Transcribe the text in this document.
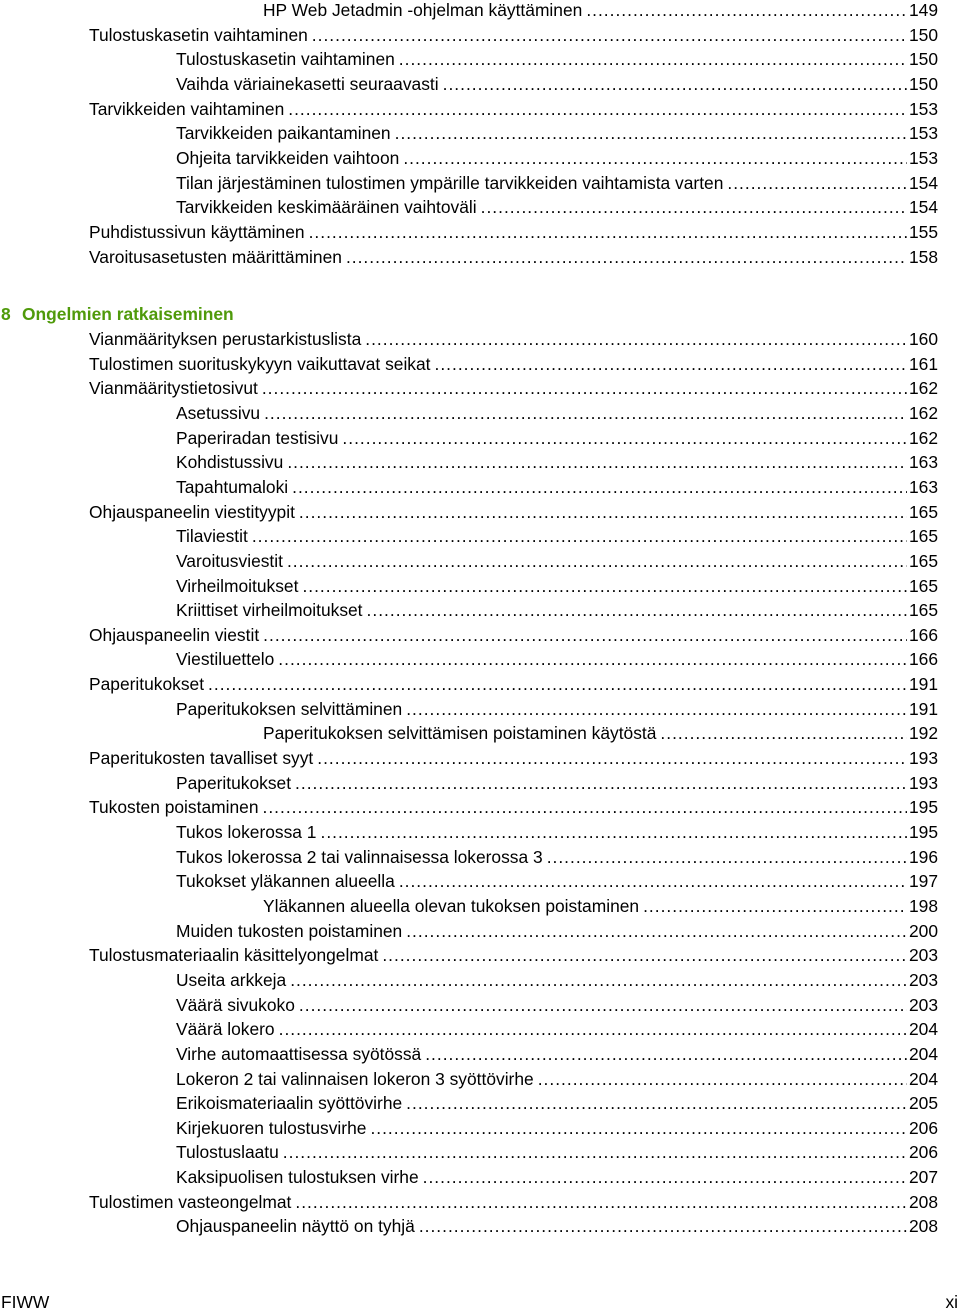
HP Web Jetadmin -ohjelman käyttäminen .....	149
Tulostuskasetin vaihtaminen .....	150
Tulostuskasetin vaihtaminen .....	150
Vaihda väriainekasetti seuraavasti .....	150
Tarvikkeiden vaihtaminen .....	153
Tarvikkeiden paikantaminen .....	153
Ohjeita tarvikkeiden vaihtoon .....	153
Tilan järjestäminen tulostimen ympärille tarvikkeiden vaihtamista varten .....	154
Tarvikkeiden keskimääräinen vaihtoväli .....	154
Puhdistussivun käyttäminen .....	155
Varoitusasetusten määrittäminen .....	158
8 Ongelmien ratkaiseminen
Vianmäärityksen perustarkistuslista .....	160
Tulostimen suorituskykyyn vaikuttavat seikat .....	161
Vianmääritystietosivut .....	162
Asetussivu .....	162
Paperiradan testisivu .....	162
Kohdistussivu .....	163
Tapahtumaloki .....	163
Ohjauspaneelin viestityypit .....	165
Tilaviestit .....	165
Varoitusviestit .....	165
Virheilmoitukset .....	165
Kriittiset virheilmoitukset .....	165
Ohjauspaneelin viestit .....	166
Viestiluettelo .....	166
Paperitukokset .....	191
Paperitukoksen selvittäminen .....	191
Paperitukoksen selvittämisen poistaminen käytöstä .....	192
Paperitukosten tavalliset syyt .....	193
Paperitukokset .....	193
Tukosten poistaminen .....	195
Tukos lokerossa 1 .....	195
Tukos lokerossa 2 tai valinnaisessa lokerossa 3 .....	196
Tukokset yläkannen alueella .....	197
Yläkannen alueella olevan tukoksen poistaminen .....	198
Muiden tukosten poistaminen .....	200
Tulostusmateriaalin käsittelyongelmat .....	203
Useita arkkeja .....	203
Väärä sivukoko .....	203
Väärä lokero .....	204
Virhe automaattisessa syötössä .....	204
Lokeron 2 tai valinnaisen lokeron 3 syöttövirhe .....	204
Erikoismateriaalin syöttövirhe .....	205
Kirjekuoren tulostusvirhe .....	206
Tulostuslaatu .....	206
Kaksipuolisen tulostuksen virhe .....	207
Tulostimen vasteongelmat .....	208
Ohjauspaneelin näyttö on tyhjä .....	208
FIWW	xi
